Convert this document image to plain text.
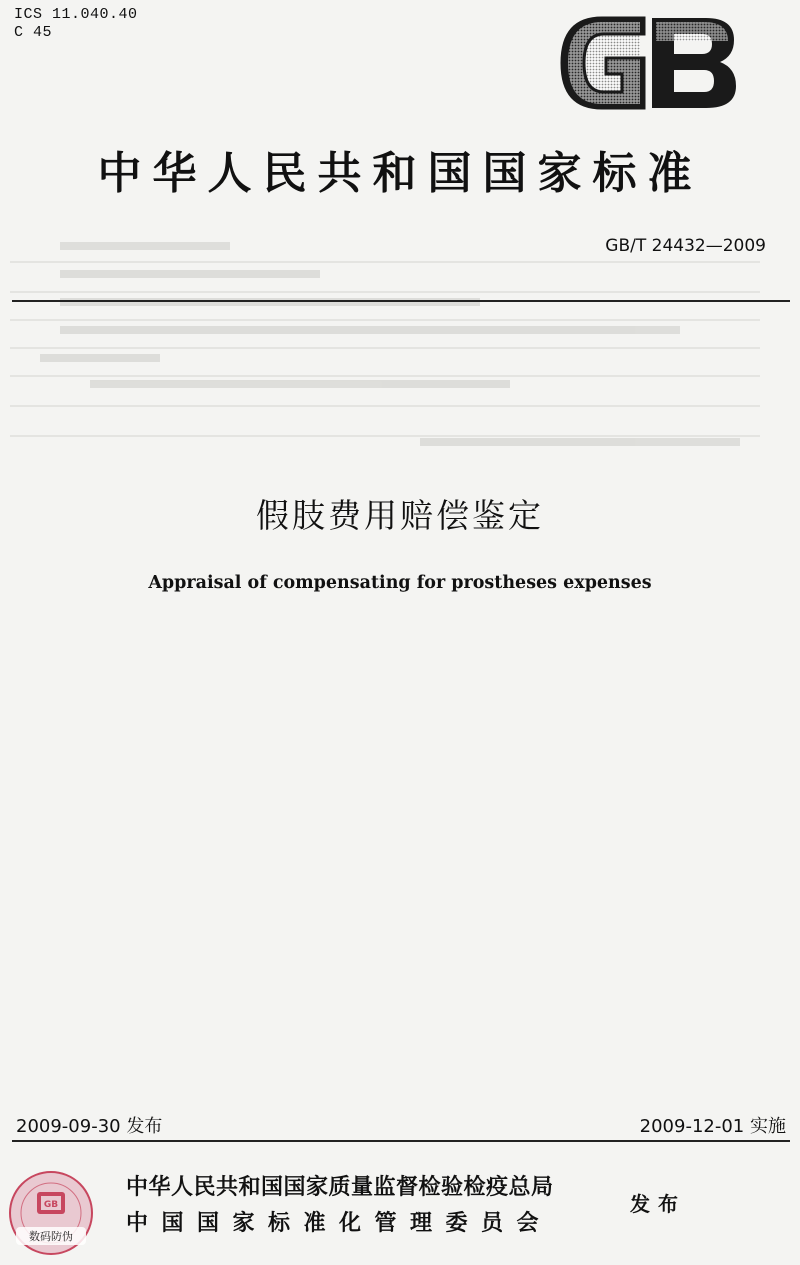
ICS 11.040.40
C 45
中华人民共和国国家标准
GB/T 24432—2009
假肢费用赔偿鉴定
Appraisal of compensating for prostheses expenses
2009-09-30 发布	2009-12-01 实施
GB
数码防伪
中华人民共和国国家质量监督检验检疫总局
中国国家标准化管理委员会
发布
